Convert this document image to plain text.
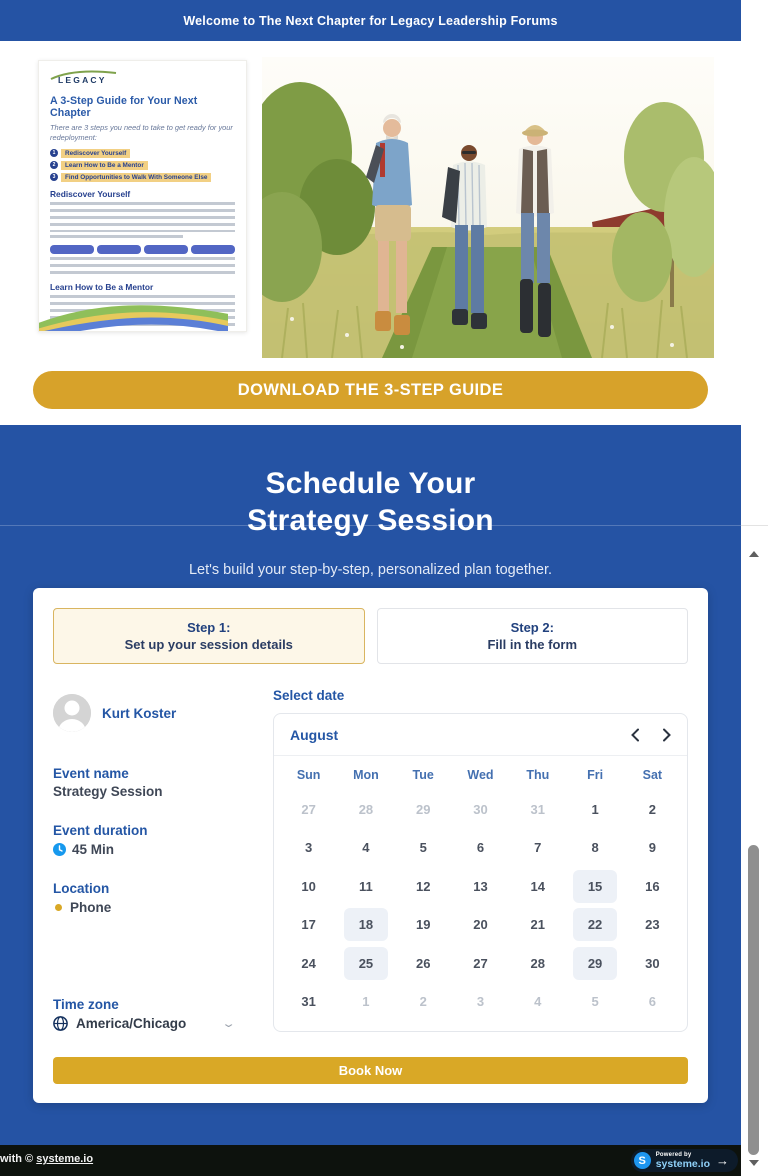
Welcome to The Next Chapter for Legacy Leadership Forums
LEGACY
A 3-Step Guide for Your Next Chapter
There are 3 steps you need to take to get ready for your redeployment:
1	Rediscover Yourself
2	Learn How to Be a Mentor
3	Find Opportunities to Walk With Someone Else
Rediscover Yourself
Learn How to Be a Mentor
DOWNLOAD THE 3-STEP GUIDE
Schedule Your
Strategy Session
Let's build your step-by-step, personalized plan together.
Step 1:
Set up your session details
Step 2:
Fill in the form
Kurt Koster
Event name
Strategy Session
Event duration
45 Min
Location
Phone
Time zone
America/Chicago	⌄
Select date
August
Sun	Mon	Tue	Wed	Thu	Fri	Sat
27	28	29	30	31	1	2
3	4	5	6	7	8	9
10	11	12	13	14	15	16
17	18	19	20	21	22	23
24	25	26	27	28	29	30
31	1	2	3	4	5	6
Book Now
with © systeme.io	S	Powered by
systeme.io →
